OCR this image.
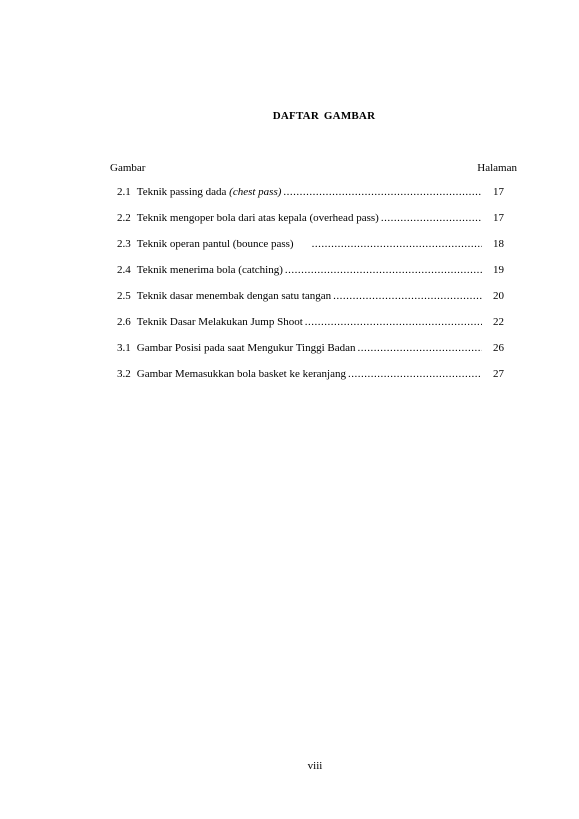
DAFTAR GAMBAR
Gambar	Halaman
2.1 Teknik passing dada (chest pass) .....	17
2.2 Teknik mengoper bola dari atas kepala (overhead pass) .....	17
2.3 Teknik operan pantul (bounce pass) .....	18
2.4 Teknik menerima bola (catching) .....	19
2.5 Teknik dasar menembak dengan satu tangan .....	20
2.6 Teknik Dasar Melakukan Jump Shoot .....	22
3.1 Gambar Posisi pada saat Mengukur Tinggi Badan .....	26
3.2 Gambar Memasukkan bola basket ke keranjang .....	27
viii
